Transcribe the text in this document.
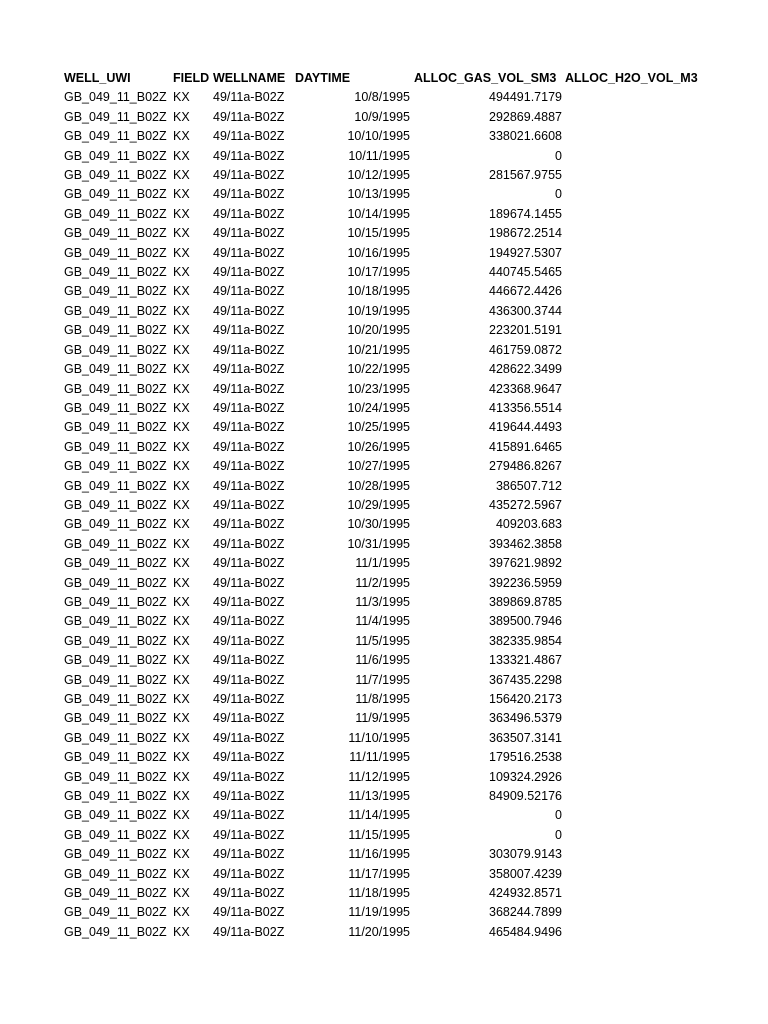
WELL_UWI	FIELD	WELLNAME	DAYTIME	ALLOC_GAS_VOL_SM3	ALLOC_H2O_VOL_M3
GB_049_11_B02Z	KX	49/11a-B02Z	10/8/1995	494491.7179	
GB_049_11_B02Z	KX	49/11a-B02Z	10/9/1995	292869.4887	
GB_049_11_B02Z	KX	49/11a-B02Z	10/10/1995	338021.6608	
GB_049_11_B02Z	KX	49/11a-B02Z	10/11/1995	0	
GB_049_11_B02Z	KX	49/11a-B02Z	10/12/1995	281567.9755	
GB_049_11_B02Z	KX	49/11a-B02Z	10/13/1995	0	
GB_049_11_B02Z	KX	49/11a-B02Z	10/14/1995	189674.1455	
GB_049_11_B02Z	KX	49/11a-B02Z	10/15/1995	198672.2514	
GB_049_11_B02Z	KX	49/11a-B02Z	10/16/1995	194927.5307	
GB_049_11_B02Z	KX	49/11a-B02Z	10/17/1995	440745.5465	
GB_049_11_B02Z	KX	49/11a-B02Z	10/18/1995	446672.4426	
GB_049_11_B02Z	KX	49/11a-B02Z	10/19/1995	436300.3744	
GB_049_11_B02Z	KX	49/11a-B02Z	10/20/1995	223201.5191	
GB_049_11_B02Z	KX	49/11a-B02Z	10/21/1995	461759.0872	
GB_049_11_B02Z	KX	49/11a-B02Z	10/22/1995	428622.3499	
GB_049_11_B02Z	KX	49/11a-B02Z	10/23/1995	423368.9647	
GB_049_11_B02Z	KX	49/11a-B02Z	10/24/1995	413356.5514	
GB_049_11_B02Z	KX	49/11a-B02Z	10/25/1995	419644.4493	
GB_049_11_B02Z	KX	49/11a-B02Z	10/26/1995	415891.6465	
GB_049_11_B02Z	KX	49/11a-B02Z	10/27/1995	279486.8267	
GB_049_11_B02Z	KX	49/11a-B02Z	10/28/1995	386507.712	
GB_049_11_B02Z	KX	49/11a-B02Z	10/29/1995	435272.5967	
GB_049_11_B02Z	KX	49/11a-B02Z	10/30/1995	409203.683	
GB_049_11_B02Z	KX	49/11a-B02Z	10/31/1995	393462.3858	
GB_049_11_B02Z	KX	49/11a-B02Z	11/1/1995	397621.9892	
GB_049_11_B02Z	KX	49/11a-B02Z	11/2/1995	392236.5959	
GB_049_11_B02Z	KX	49/11a-B02Z	11/3/1995	389869.8785	
GB_049_11_B02Z	KX	49/11a-B02Z	11/4/1995	389500.7946	
GB_049_11_B02Z	KX	49/11a-B02Z	11/5/1995	382335.9854	
GB_049_11_B02Z	KX	49/11a-B02Z	11/6/1995	133321.4867	
GB_049_11_B02Z	KX	49/11a-B02Z	11/7/1995	367435.2298	
GB_049_11_B02Z	KX	49/11a-B02Z	11/8/1995	156420.2173	
GB_049_11_B02Z	KX	49/11a-B02Z	11/9/1995	363496.5379	
GB_049_11_B02Z	KX	49/11a-B02Z	11/10/1995	363507.3141	
GB_049_11_B02Z	KX	49/11a-B02Z	11/11/1995	179516.2538	
GB_049_11_B02Z	KX	49/11a-B02Z	11/12/1995	109324.2926	
GB_049_11_B02Z	KX	49/11a-B02Z	11/13/1995	84909.52176	
GB_049_11_B02Z	KX	49/11a-B02Z	11/14/1995	0	
GB_049_11_B02Z	KX	49/11a-B02Z	11/15/1995	0	
GB_049_11_B02Z	KX	49/11a-B02Z	11/16/1995	303079.9143	
GB_049_11_B02Z	KX	49/11a-B02Z	11/17/1995	358007.4239	
GB_049_11_B02Z	KX	49/11a-B02Z	11/18/1995	424932.8571	
GB_049_11_B02Z	KX	49/11a-B02Z	11/19/1995	368244.7899	
GB_049_11_B02Z	KX	49/11a-B02Z	11/20/1995	465484.9496	
